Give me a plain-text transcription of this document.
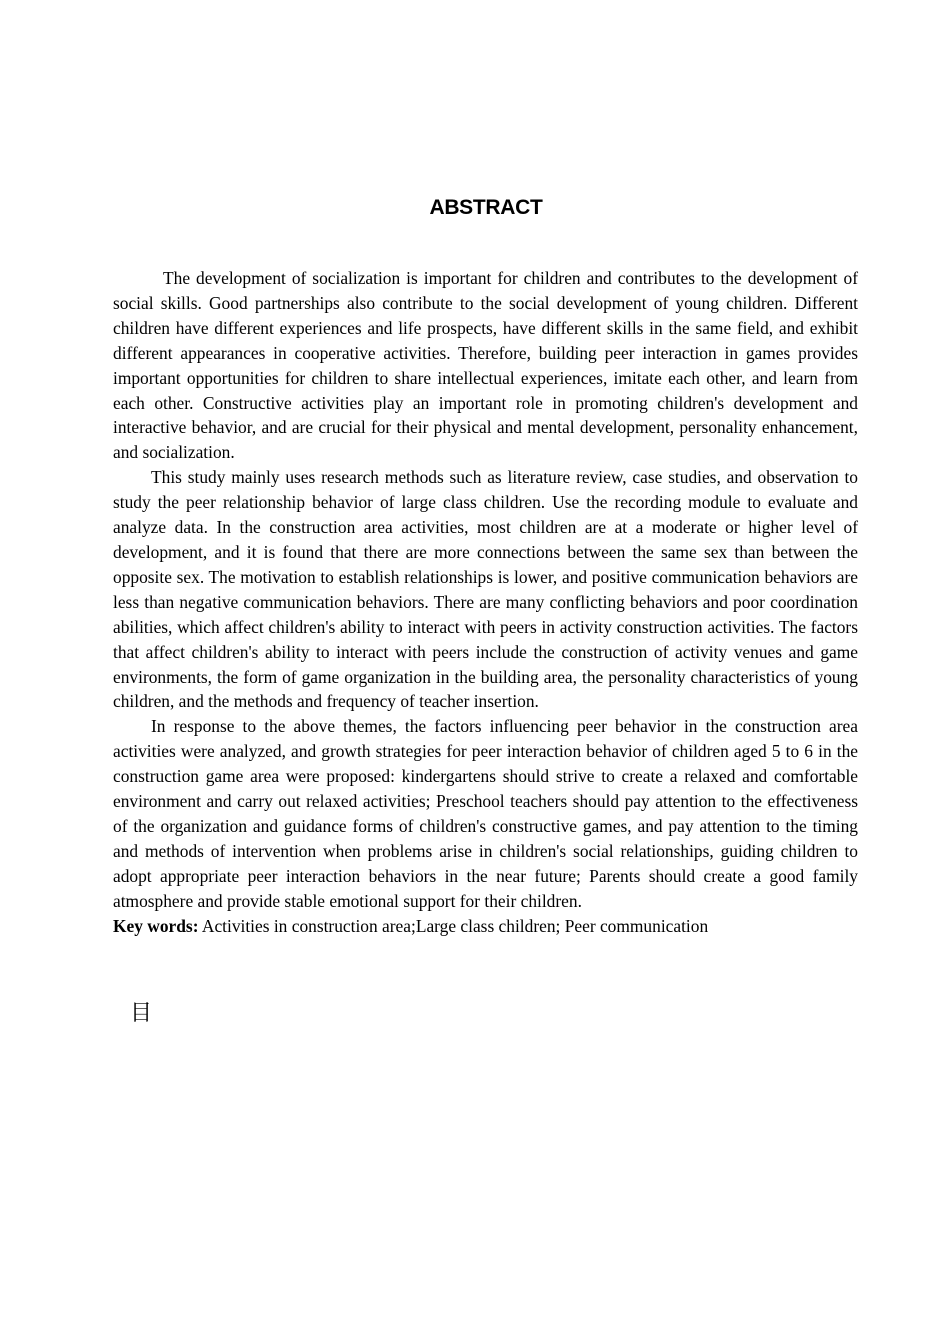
ABSTRACT

The development of socialization is important for children and contributes to the development of social skills. Good partnerships also contribute to the social development of young children. Different children have different experiences and life prospects, have different skills in the same field, and exhibit different appearances in cooperative activities. Therefore, building peer interaction in games provides important opportunities for children to share intellectual experiences, imitate each other, and learn from each other. Constructive activities play an important role in promoting children's development and interactive behavior, and are crucial for their physical and mental development, personality enhancement, and socialization.

This study mainly uses research methods such as literature review, case studies, and observation to study the peer relationship behavior of large class children. Use the recording module to evaluate and analyze data. In the construction area activities, most children are at a moderate or higher level of development, and it is found that there are more connections between the same sex than between the opposite sex. The motivation to establish relationships is lower, and positive communication behaviors are less than negative communication behaviors. There are many conflicting behaviors and poor coordination abilities, which affect children's ability to interact with peers in activity construction activities. The factors that affect children's ability to interact with peers include the construction of activity venues and game environments, the form of game organization in the building area, the personality characteristics of young children, and the methods and frequency of teacher insertion.

In response to the above themes, the factors influencing peer behavior in the construction area activities were analyzed, and growth strategies for peer interaction behavior of children aged 5 to 6 in the construction game area were proposed: kindergartens should strive to create a relaxed and comfortable environment and carry out relaxed activities; Preschool teachers should pay attention to the effectiveness of the organization and guidance forms of children's constructive games, and pay attention to the timing and methods of intervention when problems arise in children's social relationships, guiding children to adopt appropriate peer interaction behaviors in the near future; Parents should create a good family atmosphere and provide stable emotional support for their children.

Key words: Activities in construction area;Large class children; Peer communication

目
